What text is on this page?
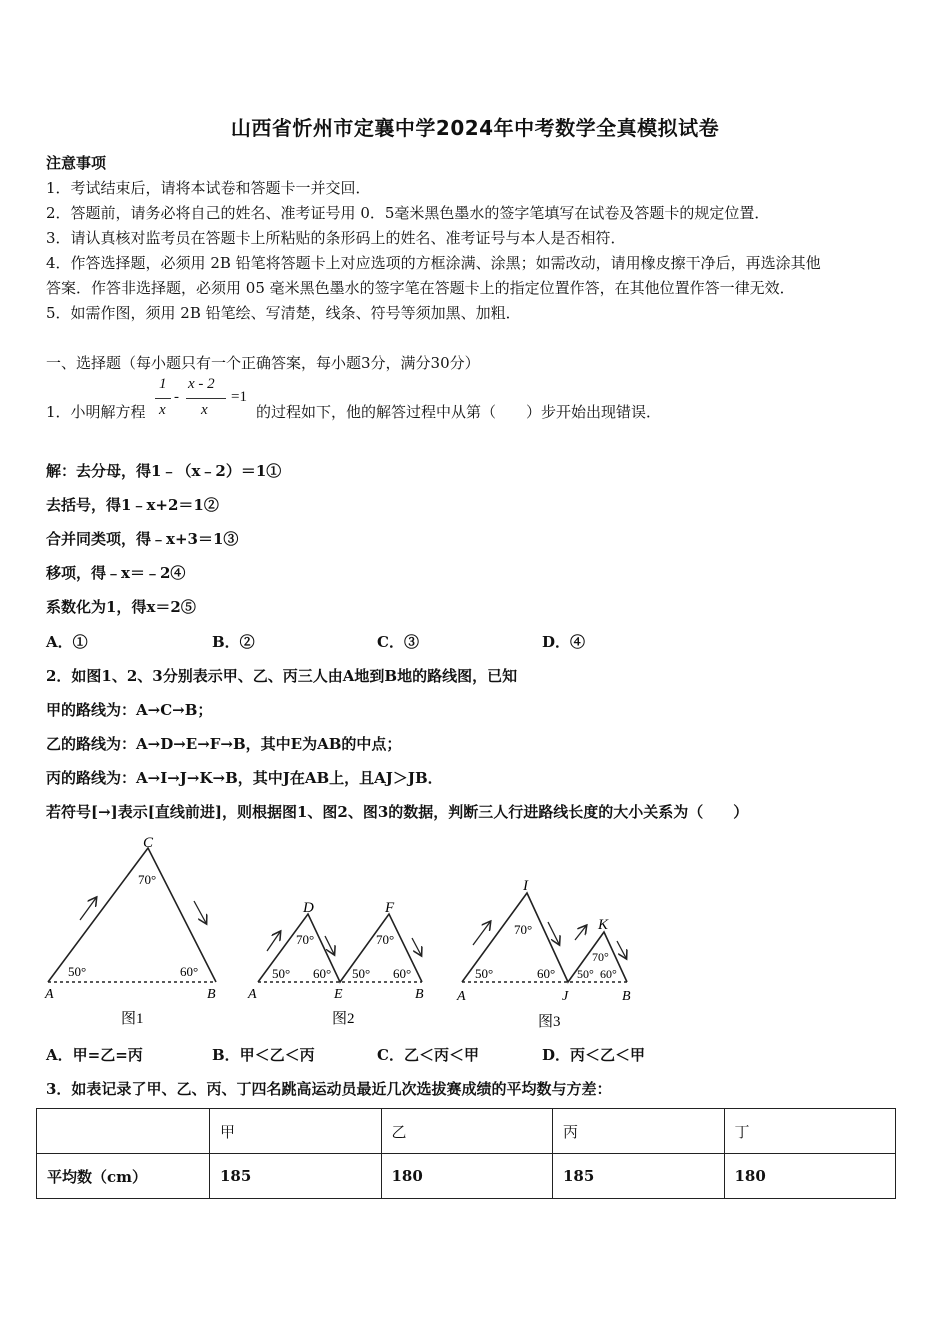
山西省忻州市定襄中学2024年中考数学全真模拟试卷
注意事项
1．考试结束后，请将本试卷和答题卡一并交回．
2．答题前，请务必将自己的姓名、准考证号用 0．5毫米黑色墨水的签字笔填写在试卷及答题卡的规定位置．
3．请认真核对监考员在答题卡上所粘贴的条形码上的姓名、准考证号与本人是否相符．
4．作答选择题，必须用 2B 铅笔将答题卡上对应选项的方框涂满、涂黑；如需改动，请用橡皮擦干净后，再选涂其他
答案．作答非选择题，必须用 05 毫米黑色墨水的签字笔在答题卡上的指定位置作答，在其他位置作答一律无效．
5．如需作图，须用 2B 铅笔绘、写清楚，线条、符号等须加黑、加粗．
一、选择题（每小题只有一个正确答案，每小题3分，满分30分）
1．小明解方程
1
x
-
x - 2
x
=1
的过程如下，他的解答过程中从第（　　）步开始出现错误．
解：去分母，得1﹣（x﹣2）＝1①
去括号，得1﹣x+2＝1②
合并同类项，得﹣x+3＝1③
移项，得﹣x＝﹣2④
系数化为1，得x＝2⑤
A．①	B．②	C．③	D．④
2．如图1、2、3分别表示甲、乙、丙三人由A地到B地的路线图，已知
甲的路线为：A→C→B；
乙的路线为：A→D→E→F→B，其中E为AB的中点；
丙的路线为：A→I→J→K→B，其中J在AB上，且AJ＞JB．
若符号[→]表示[直线前进]，则根据图1、图2、图3的数据，判断三人行进路线长度的大小关系为（　　）
C
70°
50°	60°
A	B
图1
D	F
70°	70°
50° 60° 50° 60°
A	E	B
图2
I
K
70°
70°
50°	60° 50° 60°
A	J	B
图3
A．甲=乙=丙	B．甲＜乙＜丙	C．乙＜丙＜甲	D．丙＜乙＜甲
3．如表记录了甲、乙、丙、丁四名跳高运动员最近几次选拔赛成绩的平均数与方差：
	甲	乙	丙	丁
平均数（cm）	185	180	185	180
